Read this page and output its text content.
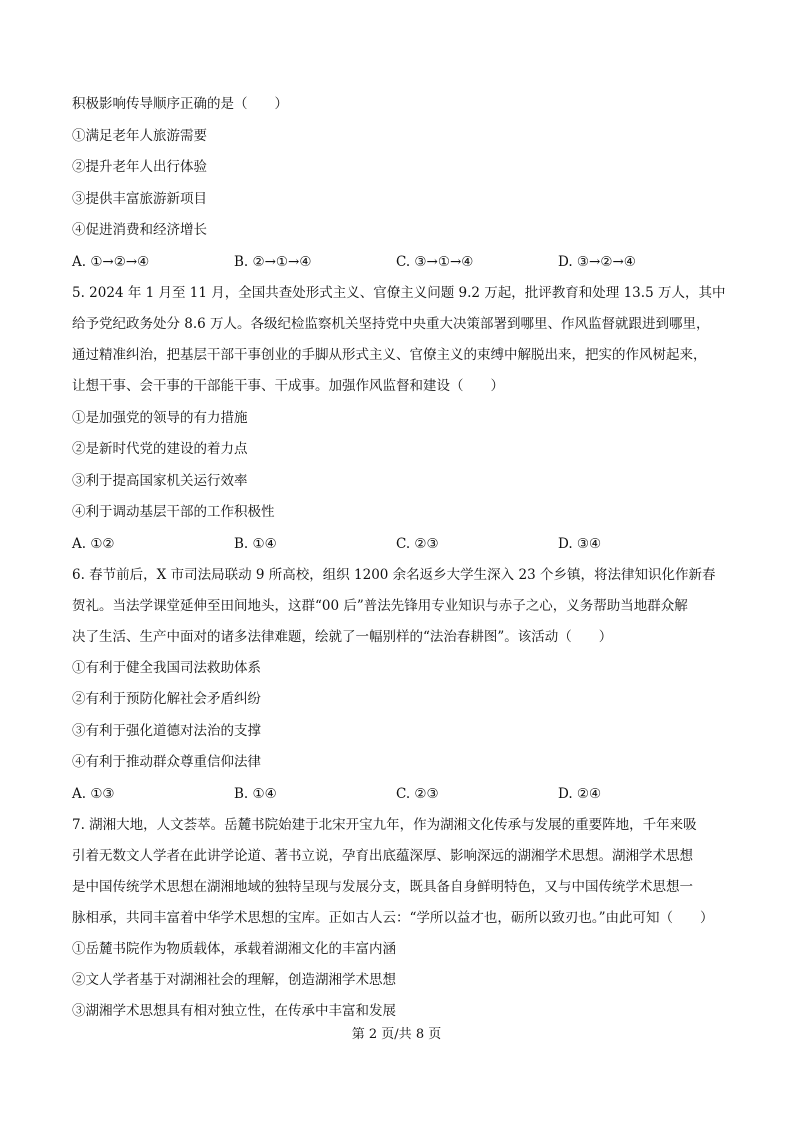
积极影响传导顺序正确的是（　　）
①满足老年人旅游需要
②提升老年人出行体验
③提供丰富旅游新项目
④促进消费和经济增长
A. ①→②→④	B. ②→①→④	C. ③→①→④	D. ③→②→④
5. 2024 年 1 月至 11 月，全国共查处形式主义、官僚主义问题 9.2 万起，批评教育和处理 13.5 万人，其中
给予党纪政务处分 8.6 万人。各级纪检监察机关坚持党中央重大决策部署到哪里、作风监督就跟进到哪里，
通过精准纠治，把基层干部干事创业的手脚从形式主义、官僚主义的束缚中解脱出来，把实的作风树起来，
让想干事、会干事的干部能干事、干成事。加强作风监督和建设（　　）
①是加强党的领导的有力措施
②是新时代党的建设的着力点
③利于提高国家机关运行效率
④利于调动基层干部的工作积极性
A. ①②	B. ①④	C. ②③	D. ③④
6. 春节前后，X 市司法局联动 9 所高校，组织 1200 余名返乡大学生深入 23 个乡镇，将法律知识化作新春
贺礼。当法学课堂延伸至田间地头，这群“00 后”普法先锋用专业知识与赤子之心，义务帮助当地群众解
决了生活、生产中面对的诸多法律难题，绘就了一幅别样的“法治春耕图”。该活动（　　）
①有利于健全我国司法救助体系
②有利于预防化解社会矛盾纠纷
③有利于强化道德对法治的支撑
④有利于推动群众尊重信仰法律
A. ①③	B. ①④	C. ②③	D. ②④
7. 湖湘大地，人文荟萃。岳麓书院始建于北宋开宝九年，作为湖湘文化传承与发展的重要阵地，千年来吸
引着无数文人学者在此讲学论道、著书立说，孕育出底蕴深厚、影响深远的湖湘学术思想。湖湘学术思想
是中国传统学术思想在湖湘地域的独特呈现与发展分支，既具备自身鲜明特色，又与中国传统学术思想一
脉相承，共同丰富着中华学术思想的宝库。正如古人云：“学所以益才也，砺所以致刃也。”由此可知（　　）
①岳麓书院作为物质载体，承载着湖湘文化的丰富内涵
②文人学者基于对湖湘社会的理解，创造湖湘学术思想
③湖湘学术思想具有相对独立性，在传承中丰富和发展
第 2 页/共 8 页
